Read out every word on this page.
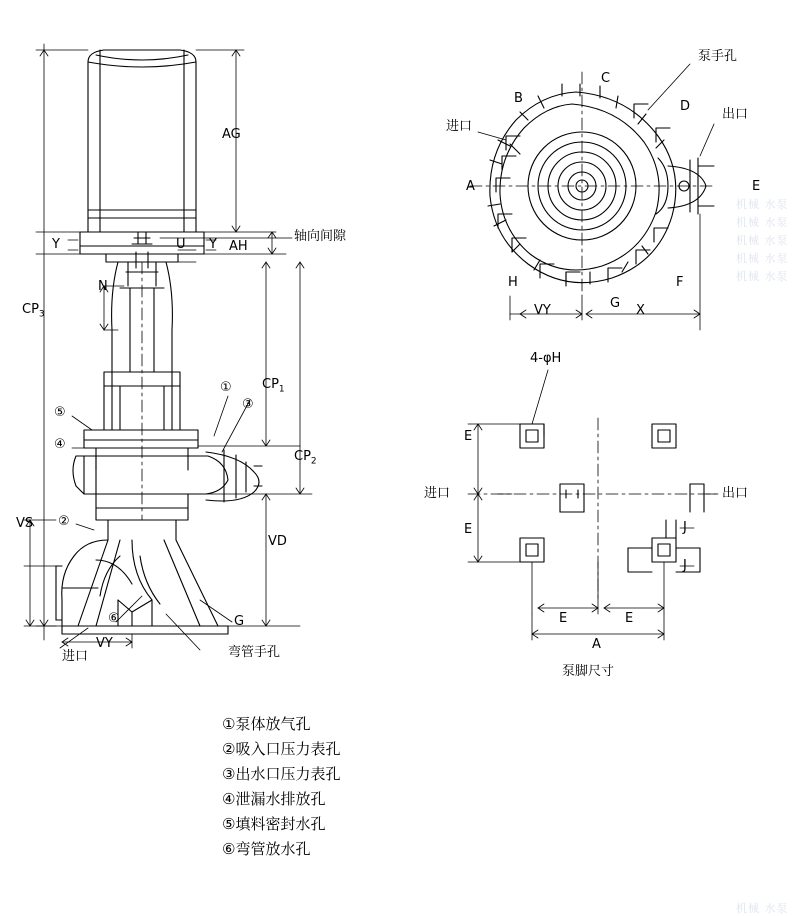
AG
AH
Y	Y
U
N
$CP_3$
$CP_1$
$CP_2$
VD
VS
VY
G
轴向间隙
进口	弯管手孔
①
③
⑤
④
②
⑥
A
B
C
D
E
F
G
H
VY	X
进口
出口
泵手孔
4-φH
E
E
E	E
A
J
J
进口	出口
泵脚尺寸
①泵体放气孔
②吸入口压力表孔
③出水口压力表孔
④泄漏水排放孔
⑤填料密封水孔
⑥弯管放水孔
机械 水泵
机械 水泵
机械 水泵
机械 水泵
机械 水泵
机械 水泵
